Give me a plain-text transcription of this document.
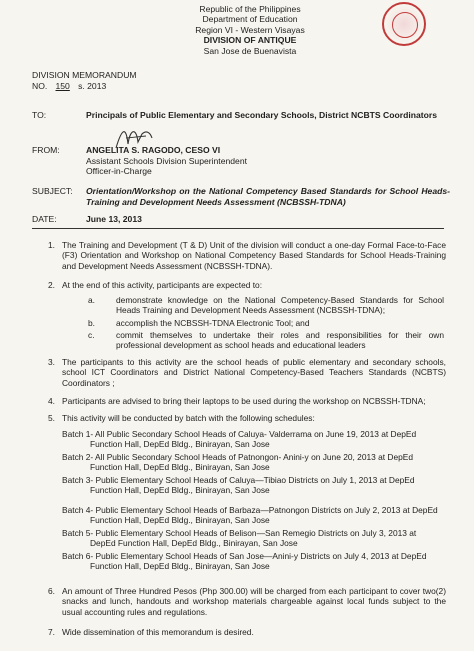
Republic of the Philippines
Department of Education
Region VI - Western Visayas
DIVISION OF ANTIQUE
San Jose de Buenavista
DIVISION MEMORANDUM
NO. 150 s. 2013
TO:	Principals of Public Elementary and Secondary Schools, District NCBTS Coordinators
FROM:	ANGELITA S. RAGODO, CESO VI
Assistant Schools Division Superintendent
Officer-in-Charge
SUBJECT: Orientation/Workshop on the National Competency Based Standards for School Heads-Training and Development Needs Assessment (NCBSSH-TDNA)
DATE:	June 13, 2013
1. The Training and Development (T & D) Unit of the division will conduct a one-day Formal Face-to-Face (F3) Orientation and Workshop on National Competency Based Standards for School Heads-Training and Development Needs Assessment (NCBSSH-TDNA).
2. At the end of this activity, participants are expected to:
a.	demonstrate knowledge on the National Competency-Based Standards for School Heads Training and Development Needs Assessment (NCBSSH-TDNA);
b.	accomplish the NCBSSH-TDNA Electronic Tool; and
c.	commit themselves to undertake their roles and responsibilities for their own professional development as school heads and educational leaders
3. The participants to this activity are the school heads of public elementary and secondary schools, school ICT Coordinators and District National Competency-Based Teachers Standards (NCBTS) Coordinators ;
4. Participants are advised to bring their laptops to be used during the workshop on NCBSSH-TDNA;
5. This activity will be conducted by batch with the following schedules:
Batch 1- All Public Secondary School Heads of Caluya- Valderrama on June 19, 2013 at DepEd Function Hall, DepEd Bldg., Binirayan, San Jose
Batch 2- All Public Secondary School Heads of Patnongon- Anini-y on June 20, 2013 at DepEd Function Hall, DepEd Bldg., Binirayan, San Jose
Batch 3- Public Elementary School Heads of Caluya—Tibiao Districts on July 1, 2013 at DepEd Function Hall, DepEd Bldg., Binirayan, San Jose
Batch 4- Public Elementary School Heads of Barbaza—Patnongon Districts on July 2, 2013 at DepEd Function Hall, DepEd Bldg., Binirayan, San Jose
Batch 5- Public Elementary School Heads of Belison—San Remegio Districts on July 3, 2013 at DepEd Function Hall, DepEd Bldg., Binirayan, San Jose
Batch 6- Public Elementary School Heads of San Jose—Anini-y Districts on July 4, 2013 at DepEd Function Hall, DepEd Bldg., Binirayan, San Jose
6. An amount of Three Hundred Pesos (Php 300.00) will be charged from each participant to cover two(2) snacks and lunch, handouts and workshop materials chargeable against local funds subject to the usual accounting rules and regulations.
7. Wide dissemination of this memorandum is desired.
